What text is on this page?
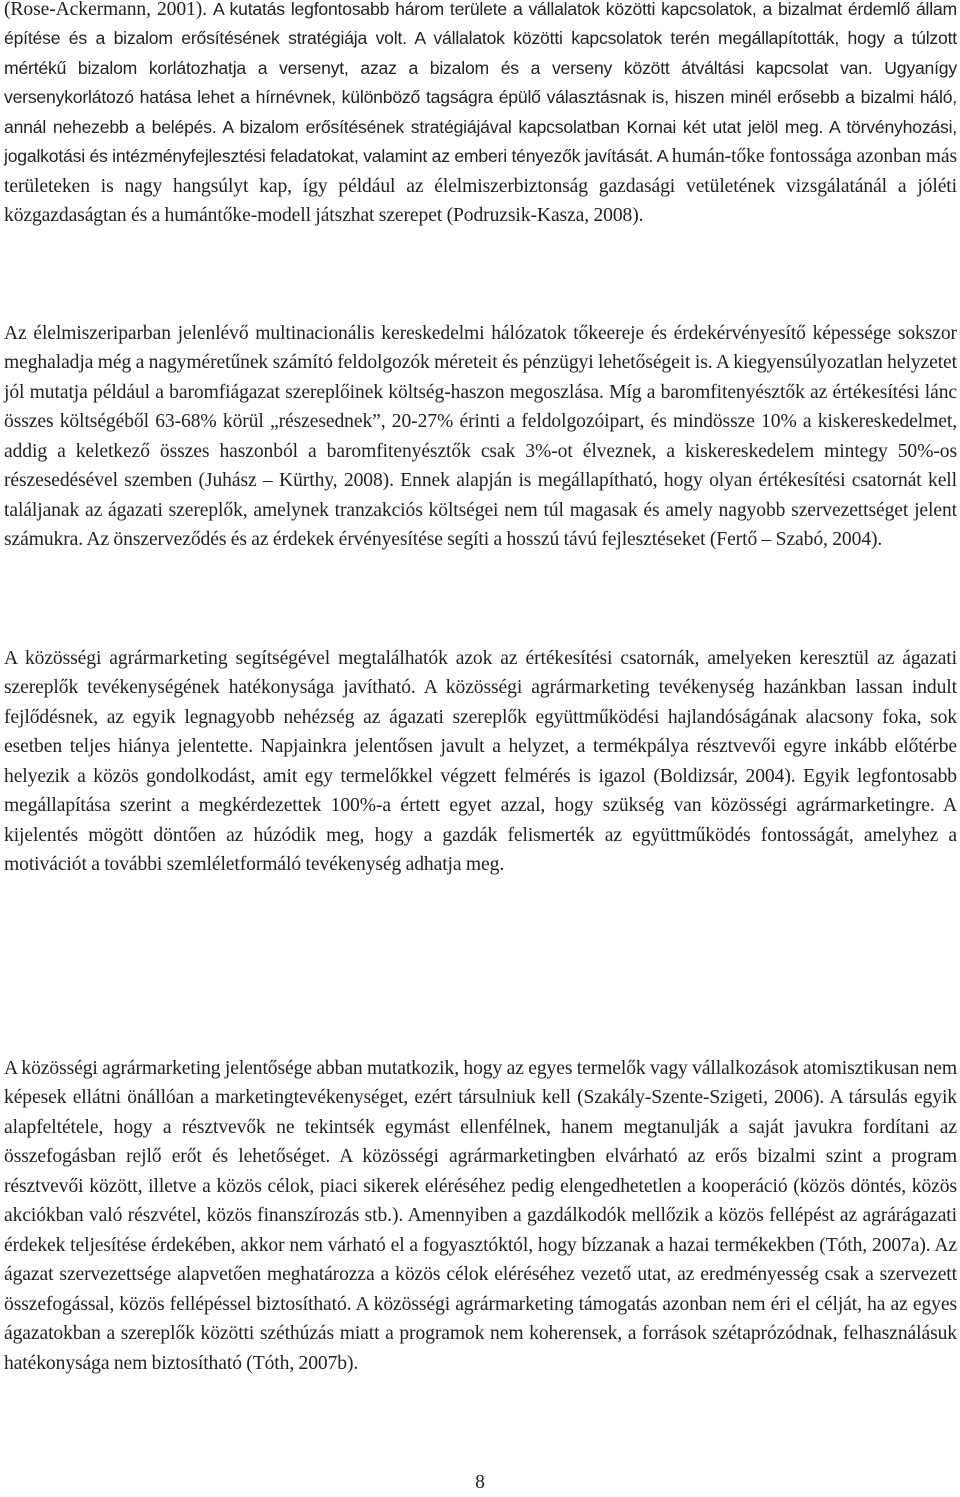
(Rose-Ackermann, 2001). A kutatás legfontosabb három területe a vállalatok közötti kapcsolatok, a bizalmat érdemlő állam építése és a bizalom erősítésének stratégiája volt. A vállalatok közötti kapcsolatok terén megállapították, hogy a túlzott mértékű bizalom korlátozhatja a versenyt, azaz a bizalom és a verseny között átváltási kapcsolat van. Ugyanígy versenykorlátozó hatása lehet a hírnévnek, különböző tagságra épülő választásnak is, hiszen minél erősebb a bizalmi háló, annál nehezebb a belépés. A bizalom erősítésének stratégiájával kapcsolatban Kornai két utat jelöl meg. A törvényhozási, jogalkotási és intézményfejlesztési feladatokat, valamint az emberi tényezők javítását. A humán-tőke fontossága azonban más területeken is nagy hangsúlyt kap, így például az élelmiszerbiztonság gazdasági vetületének vizsgálatánál a jóléti közgazdaságtan és a humántőke-modell játszhat szerepet (Podruzsik-Kasza, 2008).

Az élelmiszeriparban jelenlévő multinacionális kereskedelmi hálózatok tőkeereje és érdekérvényesítő képessége sokszor meghaladja még a nagyméretűnek számító feldolgozók méreteit és pénzügyi lehetőségeit is. A kiegyensúlyozatlan helyzetet jól mutatja például a baromfiágazat szereplőinek költség-haszon megoszlása. Míg a baromfitenyésztők az értékesítési lánc összes költségéből 63-68% körül „részesednek”, 20-27% érinti a feldolgozóipart, és mindössze 10% a kiskereskedelmet, addig a keletkező összes haszonból a baromfitenyésztők csak 3%-ot élveznek, a kiskereskedelem mintegy 50%-os részesedésével szemben (Juhász – Kürthy, 2008). Ennek alapján is megállapítható, hogy olyan értékesítési csatornát kell találjanak az ágazati szereplők, amelynek tranzakciós költségei nem túl magasak és amely nagyobb szervezettséget jelent számukra. Az önszerveződés és az érdekek érvényesítése segíti a hosszú távú fejlesztéseket (Fertő – Szabó, 2004).

A közösségi agrármarketing segítségével megtalálhatók azok az értékesítési csatornák, amelyeken keresztül az ágazati szereplők tevékenységének hatékonysága javítható. A közösségi agrármarketing tevékenység hazánkban lassan indult fejlődésnek, az egyik legnagyobb nehézség az ágazati szereplők együttműködési hajlandóságának alacsony foka, sok esetben teljes hiánya jelentette. Napjainkra jelentősen javult a helyzet, a termékpálya résztvevői egyre inkább előtérbe helyezik a közös gondolkodást, amit egy termelőkkel végzett felmérés is igazol (Boldizsár, 2004). Egyik legfontosabb megállapítása szerint a megkérdezettek 100%-a értett egyet azzal, hogy szükség van közösségi agrármarketingre. A kijelentés mögött döntően az húzódik meg, hogy a gazdák felismerték az együttműködés fontosságát, amelyhez a motivációt a további szemléletformáló tevékenység adhatja meg.

A közösségi agrármarketing jelentősége abban mutatkozik, hogy az egyes termelők vagy vállalkozások atomisztikusan nem képesek ellátni önállóan a marketingtevékenységet, ezért társulniuk kell (Szakály-Szente-Szigeti, 2006). A társulás egyik alapfeltétele, hogy a résztvevők ne tekintsék egymást ellenfélnek, hanem megtanulják a saját javukra fordítani az összefogásban rejlő erőt és lehetőséget. A közösségi agrármarketingben elvárható az erős bizalmi szint a program résztvevői között, illetve a közös célok, piaci sikerek eléréséhez pedig elengedhetetlen a kooperáció (közös döntés, közös akciókban való részvétel, közös finanszírozás stb.). Amennyiben a gazdálkodók mellőzik a közös fellépést az agrárágazati érdekek teljesítése érdekében, akkor nem várható el a fogyasztóktól, hogy bízzanak a hazai termékekben (Tóth, 2007a). Az ágazat szervezettsége alapvetően meghatározza a közös célok eléréséhez vezető utat, az eredményesség csak a szervezett összefogással, közös fellépéssel biztosítható. A közösségi agrármarketing támogatás azonban nem éri el célját, ha az egyes ágazatokban a szereplők közötti széthúzás miatt a programok nem koherensek, a források szétaprózódnak, felhasználásuk hatékonysága nem biztosítható (Tóth, 2007b).

8
